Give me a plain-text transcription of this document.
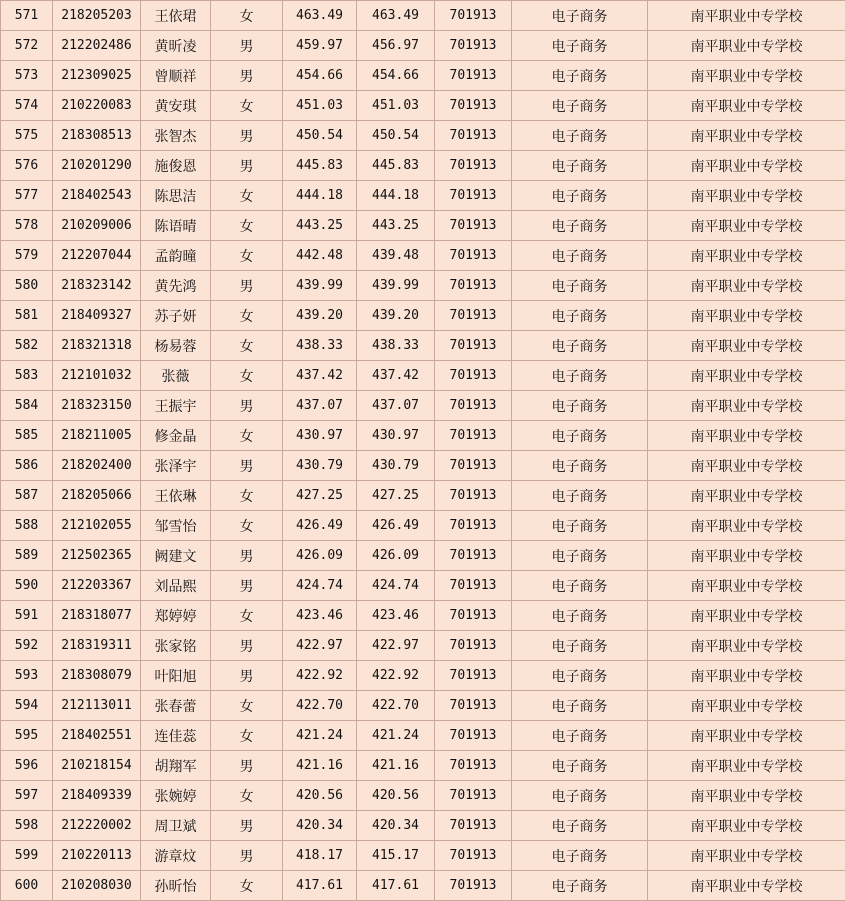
571	218205203	王依珺	女	463.49	463.49	701913	电子商务	南平职业中专学校
572	212202486	黄昕凌	男	459.97	456.97	701913	电子商务	南平职业中专学校
573	212309025	曾顺祥	男	454.66	454.66	701913	电子商务	南平职业中专学校
574	210220083	黄安琪	女	451.03	451.03	701913	电子商务	南平职业中专学校
575	218308513	张智杰	男	450.54	450.54	701913	电子商务	南平职业中专学校
576	210201290	施俊恩	男	445.83	445.83	701913	电子商务	南平职业中专学校
577	218402543	陈思洁	女	444.18	444.18	701913	电子商务	南平职业中专学校
578	210209006	陈语晴	女	443.25	443.25	701913	电子商务	南平职业中专学校
579	212207044	孟韵曈	女	442.48	439.48	701913	电子商务	南平职业中专学校
580	218323142	黄先鸿	男	439.99	439.99	701913	电子商务	南平职业中专学校
581	218409327	苏子妍	女	439.20	439.20	701913	电子商务	南平职业中专学校
582	218321318	杨易蓉	女	438.33	438.33	701913	电子商务	南平职业中专学校
583	212101032	张薇	女	437.42	437.42	701913	电子商务	南平职业中专学校
584	218323150	王振宇	男	437.07	437.07	701913	电子商务	南平职业中专学校
585	218211005	修金晶	女	430.97	430.97	701913	电子商务	南平职业中专学校
586	218202400	张泽宇	男	430.79	430.79	701913	电子商务	南平职业中专学校
587	218205066	王依琳	女	427.25	427.25	701913	电子商务	南平职业中专学校
588	212102055	邹雪怡	女	426.49	426.49	701913	电子商务	南平职业中专学校
589	212502365	阙建文	男	426.09	426.09	701913	电子商务	南平职业中专学校
590	212203367	刘品熙	男	424.74	424.74	701913	电子商务	南平职业中专学校
591	218318077	郑婷婷	女	423.46	423.46	701913	电子商务	南平职业中专学校
592	218319311	张家铭	男	422.97	422.97	701913	电子商务	南平职业中专学校
593	218308079	叶阳旭	男	422.92	422.92	701913	电子商务	南平职业中专学校
594	212113011	张春蕾	女	422.70	422.70	701913	电子商务	南平职业中专学校
595	218402551	连佳蕊	女	421.24	421.24	701913	电子商务	南平职业中专学校
596	210218154	胡翔军	男	421.16	421.16	701913	电子商务	南平职业中专学校
597	218409339	张婉婷	女	420.56	420.56	701913	电子商务	南平职业中专学校
598	212220002	周卫斌	男	420.34	420.34	701913	电子商务	南平职业中专学校
599	210220113	游章炆	男	418.17	415.17	701913	电子商务	南平职业中专学校
600	210208030	孙昕怡	女	417.61	417.61	701913	电子商务	南平职业中专学校
